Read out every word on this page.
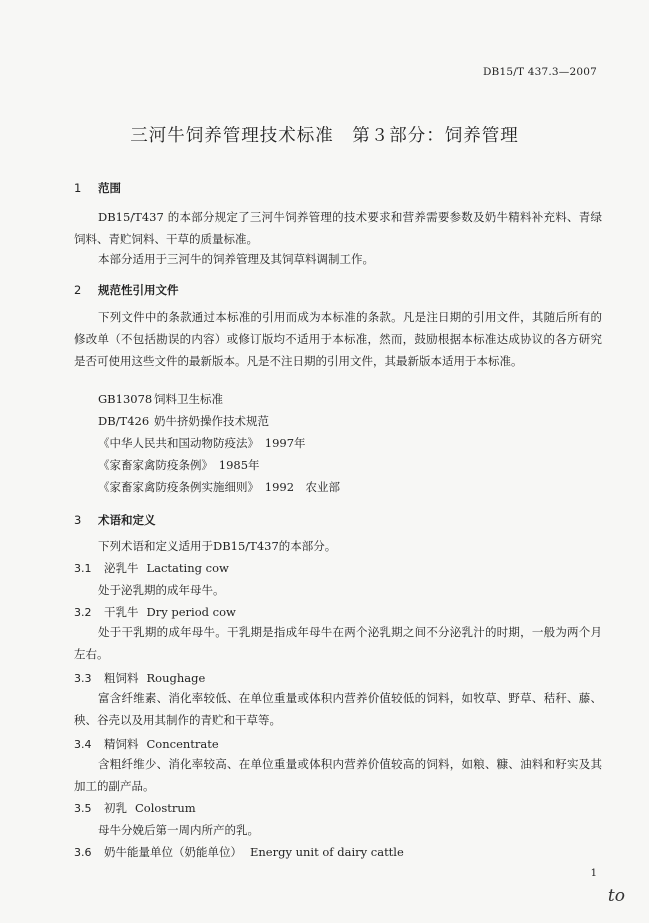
DB15/T 437.3—2007
三河牛饲养管理技术标准　第３部分：饲养管理
1 范围
DB15/T437 的本部分规定了三河牛饲养管理的技术要求和营养需要参数及奶牛精料补充料、青绿饲料、青贮饲料、干草的质量标准。
本部分适用于三河牛的饲养管理及其饲草料调制工作。
2 规范性引用文件
下列文件中的条款通过本标准的引用而成为本标准的条款。凡是注日期的引用文件，其随后所有的修改单（不包括勘误的内容）或修订版均不适用于本标准，然而，鼓励根据本标准达成协议的各方研究是否可使用这些文件的最新版本。凡是不注日期的引用文件，其最新版本适用于本标准。
GB13078 饲料卫生标准
DB/T426 奶牛挤奶操作技术规范
《中华人民共和国动物防疫法》　1997年
《家畜家禽防疫条例》　1985年
《家畜家禽防疫条例实施细则》　1992　农业部
3 术语和定义
下列术语和定义适用于DB15/T437的本部分。
3.1 泌乳牛 Lactating cow
处于泌乳期的成年母牛。
3.2 干乳牛 Dry period cow
处于干乳期的成年母牛。干乳期是指成年母牛在两个泌乳期之间不分泌乳汁的时期，一般为两个月左右。
3.3 粗饲料 Roughage
富含纤维素、消化率较低、在单位重量或体积内营养价值较低的饲料，如牧草、野草、秸秆、藤、秧、谷壳以及用其制作的青贮和干草等。
3.4 精饲料 Concentrate
含粗纤维少、消化率较高、在单位重量或体积内营养价值较高的饲料，如粮、糠、油料和籽实及其加工的副产品。
3.5 初乳 Colostrum
母牛分娩后第一周内所产的乳。
3.6 奶牛能量单位（奶能单位） Energy unit of dairy cattle
1
to
